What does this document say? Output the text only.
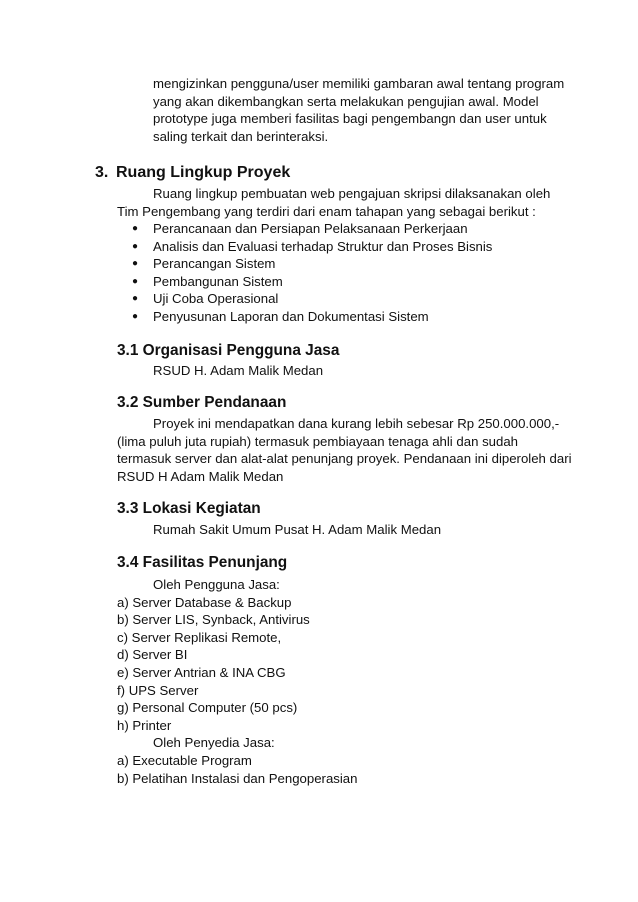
mengizinkan pengguna/user memiliki gambaran awal tentang program
yang akan dikembangkan serta melakukan pengujian awal. Model
prototype juga memberi fasilitas bagi pengembangn dan user untuk
saling terkait dan berinteraksi.
3. Ruang Lingkup Proyek
Ruang lingkup pembuatan web pengajuan skripsi dilaksanakan oleh
Tim Pengembang yang terdiri dari enam tahapan yang sebagai berikut :
● Perancanaan dan Persiapan Pelaksanaan Perkerjaan
● Analisis dan Evaluasi terhadap Struktur dan Proses Bisnis
● Perancangan Sistem
● Pembangunan Sistem
● Uji Coba Operasional
● Penyusunan Laporan dan Dokumentasi Sistem
3.1 Organisasi Pengguna Jasa
RSUD H. Adam Malik Medan
3.2 Sumber Pendanaan
Proyek ini mendapatkan dana kurang lebih sebesar Rp 250.000.000,-
(lima puluh juta rupiah) termasuk pembiayaan tenaga ahli dan sudah
termasuk server dan alat-alat penunjang proyek. Pendanaan ini diperoleh dari
RSUD H Adam Malik Medan
3.3 Lokasi Kegiatan
Rumah Sakit Umum Pusat H. Adam Malik Medan
3.4 Fasilitas Penunjang
Oleh Pengguna Jasa:
a) Server Database & Backup
b) Server LIS, Synback, Antivirus
c) Server Replikasi Remote,
d) Server BI
e) Server Antrian & INA CBG
f) UPS Server
g) Personal Computer (50 pcs)
h) Printer
Oleh Penyedia Jasa:
a) Executable Program
b) Pelatihan Instalasi dan Pengoperasian
